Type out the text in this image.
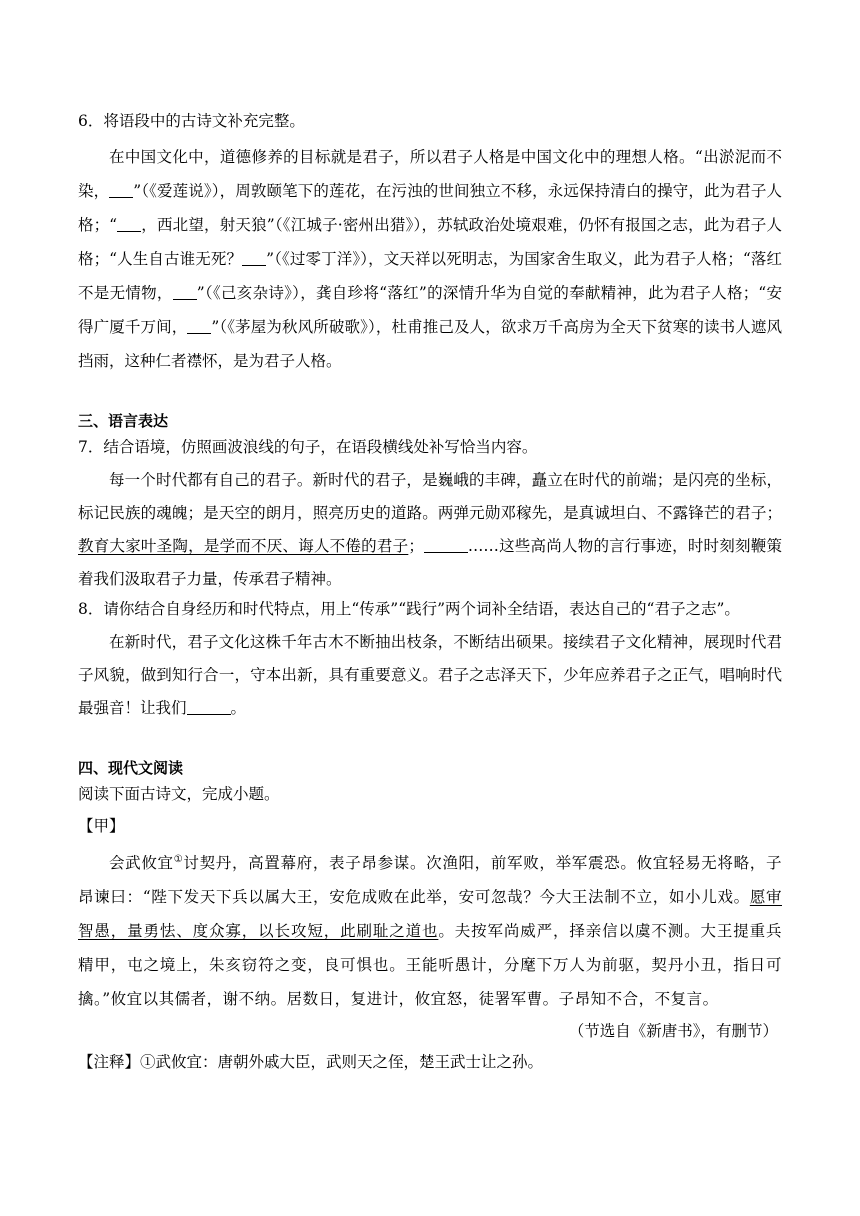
6．将语段中的古诗文补充完整。
在中国文化中，道德修养的目标就是君子，所以君子人格是中国文化中的理想人格。“出淤泥而不染， ”（《爱莲说》），周敦颐笔下的莲花，在污浊的世间独立不移，永远保持清白的操守，此为君子人格；“ ，西北望，射天狼”（《江城子·密州出猎》），苏轼政治处境艰难，仍怀有报国之志，此为君子人格；“人生自古谁无死？ ”（《过零丁洋》），文天祥以死明志，为国家舍生取义，此为君子人格；“落红不是无情物， ”（《己亥杂诗》），龚自珍将“落红”的深情升华为自觉的奉献精神，此为君子人格；“安得广厦千万间， ”（《茅屋为秋风所破歌》），杜甫推己及人，欲求万千高房为全天下贫寒的读书人遮风挡雨，这种仁者襟怀，是为君子人格。
三、语言表达
7．结合语境，仿照画波浪线的句子，在语段横线处补写恰当内容。
每一个时代都有自己的君子。新时代的君子，是巍峨的丰碑，矗立在时代的前端；是闪亮的坐标，标记民族的魂魄；是天空的朗月，照亮历史的道路。两弹元勋邓稼先，是真诚坦白、不露锋芒的君子；教育大家叶圣陶，是学而不厌、诲人不倦的君子；	……这些高尚人物的言行事迹，时时刻刻鞭策着我们汲取君子力量，传承君子精神。
8．请你结合自身经历和时代特点，用上“传承”“践行”两个词补全结语，表达自己的“君子之志”。
在新时代，君子文化这株千年古木不断抽出枝条，不断结出硕果。接续君子文化精神，展现时代君子风貌，做到知行合一，守本出新，具有重要意义。君子之志泽天下，少年应养君子之正气，唱响时代最强音！让我们	。
四、现代文阅读
阅读下面古诗文，完成小题。
【甲】
会武攸宜①讨契丹，高置幕府，表子昂参谋。次渔阳，前军败，举军震恐。攸宜轻易无将略，子昂谏曰：“陛下发天下兵以属大王，安危成败在此举，安可忽哉？今大王法制不立，如小儿戏。愿审智愚，量勇怯、度众寡，以长攻短，此刷耻之道也。夫按军尚威严，择亲信以虞不测。大王提重兵精甲，屯之境上，朱亥窃符之变，良可惧也。王能听愚计，分麾下万人为前驱，契丹小丑，指日可擒。”攸宜以其儒者，谢不纳。居数日，复进计，攸宜怒，徒署军曹。子昂知不合，不复言。
（节选自《新唐书》，有删节）
【注释】①武攸宜：唐朝外戚大臣，武则天之侄，楚王武士让之孙。
